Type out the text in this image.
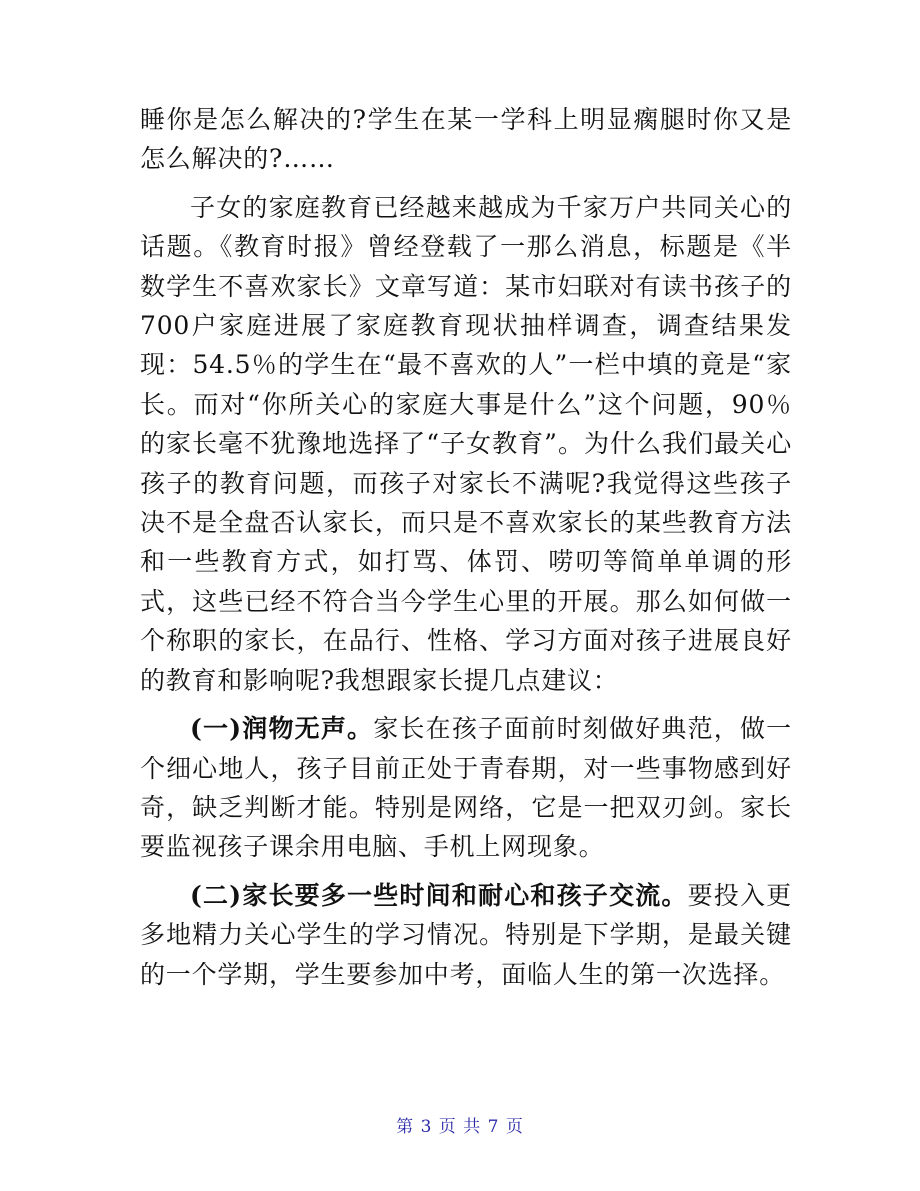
睡你是怎么解决的?学生在某一学科上明显瘸腿时你又是怎么解决的?……

子女的家庭教育已经越来越成为千家万户共同关心的话题。《教育时报》曾经登载了一那么消息，标题是《半数学生不喜欢家长》文章写道：某市妇联对有读书孩子的700户家庭进展了家庭教育现状抽样调查，调查结果发现：54.5％的学生在“最不喜欢的人”一栏中填的竟是“家长。而对“你所关心的家庭大事是什么”这个问题，90％的家长毫不犹豫地选择了“子女教育”。为什么我们最关心孩子的教育问题，而孩子对家长不满呢?我觉得这些孩子决不是全盘否认家长，而只是不喜欢家长的某些教育方法和一些教育方式，如打骂、体罚、唠叨等简单单调的形式，这些已经不符合当今学生心里的开展。那么如何做一个称职的家长，在品行、性格、学习方面对孩子进展良好的教育和影响呢?我想跟家长提几点建议：

(一)润物无声。家长在孩子面前时刻做好典范，做一个细心地人，孩子目前正处于青春期，对一些事物感到好奇，缺乏判断才能。特别是网络，它是一把双刃剑。家长要监视孩子课余用电脑、手机上网现象。

(二)家长要多一些时间和耐心和孩子交流。要投入更多地精力关心学生的学习情况。特别是下学期，是最关键的一个学期，学生要参加中考，面临人生的第一次选择。

第 3 页 共 7 页
